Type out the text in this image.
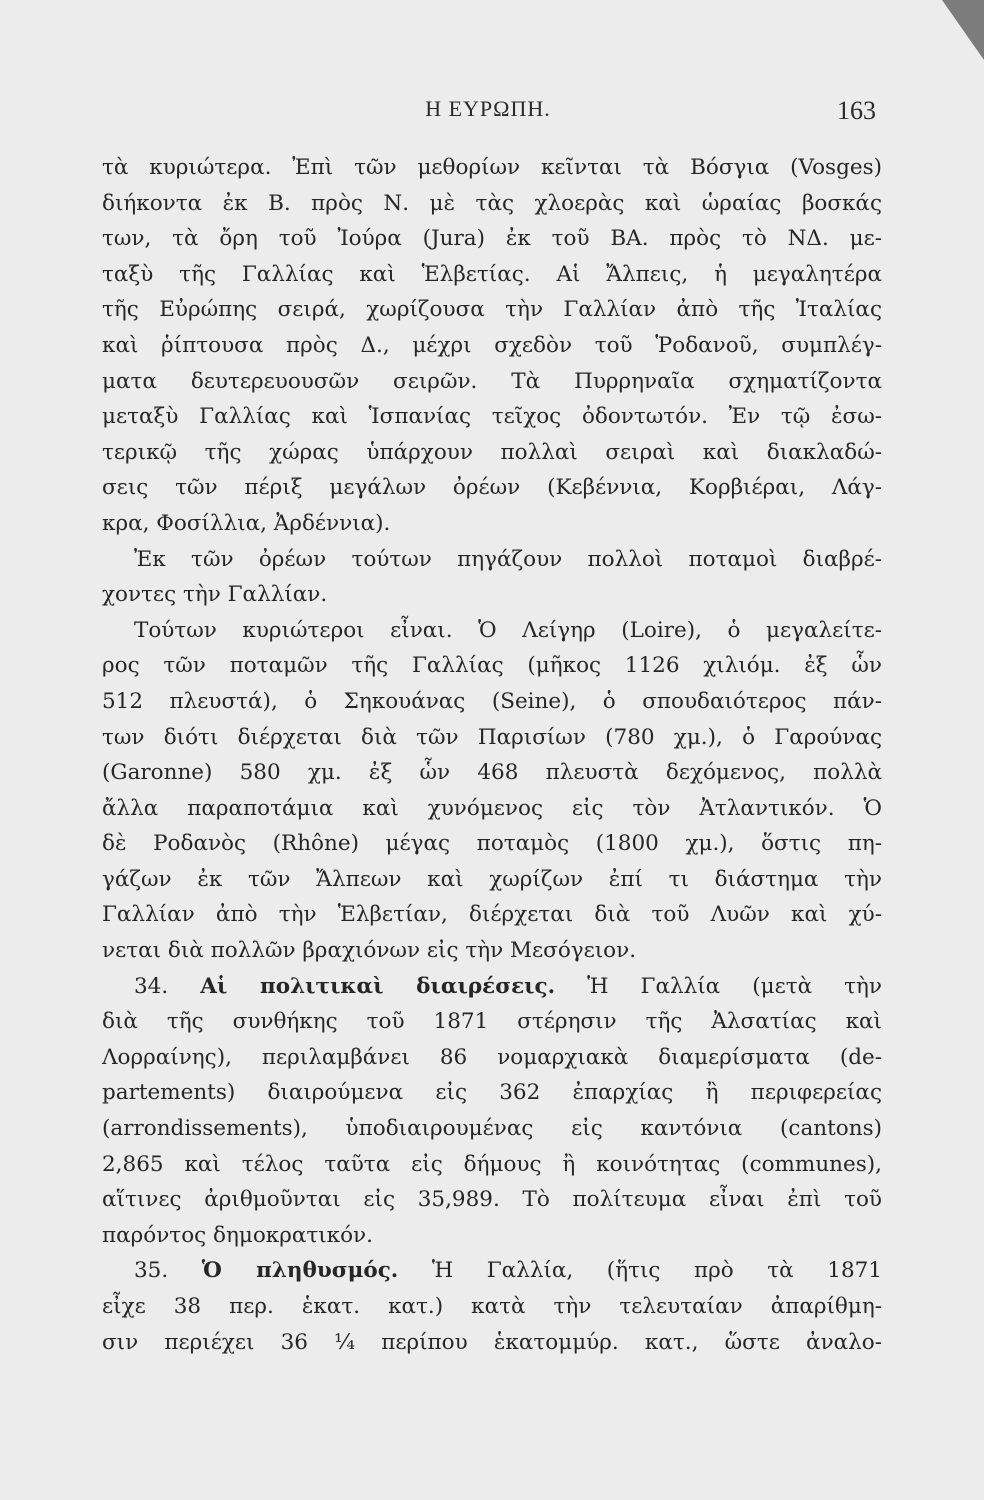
Η ΕΥΡΩΠΗ.	163
τὰ κυριώτερα. Ἐπὶ τῶν μεθορίων κεῖνται τὰ Βόσγια (Vosges)
διήκοντα ἐκ Β. πρὸς Ν. μὲ τὰς χλοερὰς καὶ ὡραίας βοσκάς
των, τὰ ὄρη τοῦ Ἰούρα (Jura) ἐκ τοῦ ΒΑ. πρὸς τὸ ΝΔ. με-
ταξὺ τῆς Γαλλίας καὶ Ἑλβετίας. Αἱ Ἄλπεις, ἡ μεγαλητέρα
τῆς Εὐρώπης σειρά, χωρίζουσα τὴν Γαλλίαν ἀπὸ τῆς Ἰταλίας
καὶ ῥίπτουσα πρὸς Δ., μέχρι σχεδὸν τοῦ Ῥοδανοῦ, συμπλέγ-
ματα δευτερευουσῶν σειρῶν. Τὰ Πυρρηναῖα σχηματίζοντα
μεταξὺ Γαλλίας καὶ Ἱσπανίας τεῖχος ὀδοντωτόν. Ἐν τῷ ἐσω-
τερικῷ τῆς χώρας ὑπάρχουν πολλαὶ σειραὶ καὶ διακλαδώ-
σεις τῶν πέριξ μεγάλων ὀρέων (Κεβέννια, Κορβιέραι, Λάγ-
κρα, Φοσίλλια, Ἀρδέννια).
Ἐκ τῶν ὀρέων τούτων πηγάζουν πολλοὶ ποταμοὶ διαβρέ-
χοντες τὴν Γαλλίαν.
Τούτων κυριώτεροι εἶναι. Ὁ Λείγηρ (Loire), ὁ μεγαλείτε-
ρος τῶν ποταμῶν τῆς Γαλλίας (μῆκος 1126 χιλιόμ. ἐξ ὧν
512 πλευστά), ὁ Σηκουάνας (Seine), ὁ σπουδαιότερος πάν-
των διότι διέρχεται διὰ τῶν Παρισίων (780 χμ.), ὁ Γαρούνας
(Garonne) 580 χμ. ἐξ ὧν 468 πλευστὰ δεχόμενος, πολλὰ
ἄλλα παραποτάμια καὶ χυνόμενος εἰς τὸν Ἀτλαντικόν. Ὁ
δὲ Ροδανὸς (Rhône) μέγας ποταμὸς (1800 χμ.), ὅστις πη-
γάζων ἐκ τῶν Ἄλπεων καὶ χωρίζων ἐπί τι διάστημα τὴν
Γαλλίαν ἀπὸ τὴν Ἑλβετίαν, διέρχεται διὰ τοῦ Λυῶν καὶ χύ-
νεται διὰ πολλῶν βραχιόνων εἰς τὴν Μεσόγειον.
34. Αἱ πολιτικαὶ διαιρέσεις. Ἡ Γαλλία (μετὰ τὴν
διὰ τῆς συνθήκης τοῦ 1871 στέρησιν τῆς Ἀλσατίας καὶ
Λορραίνης), περιλαμβάνει 86 νομαρχιακὰ διαμερίσματα (de-
partements) διαιρούμενα εἰς 362 ἐπαρχίας ἢ περιφερείας
(arrondissements), ὑποδιαιρουμένας εἰς καντόνια (cantons)
2,865 καὶ τέλος ταῦτα εἰς δήμους ἢ κοινότητας (communes),
αἵτινες ἀριθμοῦνται εἰς 35,989. Τὸ πολίτευμα εἶναι ἐπὶ τοῦ
παρόντος δημοκρατικόν.
35. Ὁ πληθυσμός. Ἡ Γαλλία, (ἥτις πρὸ τὰ 1871
εἶχε 38 περ. ἑκατ. κατ.) κατὰ τὴν τελευταίαν ἀπαρίθμη-
σιν περιέχει 36 ¼ περίπου ἑκατομμύρ. κατ., ὥστε ἀναλο-
